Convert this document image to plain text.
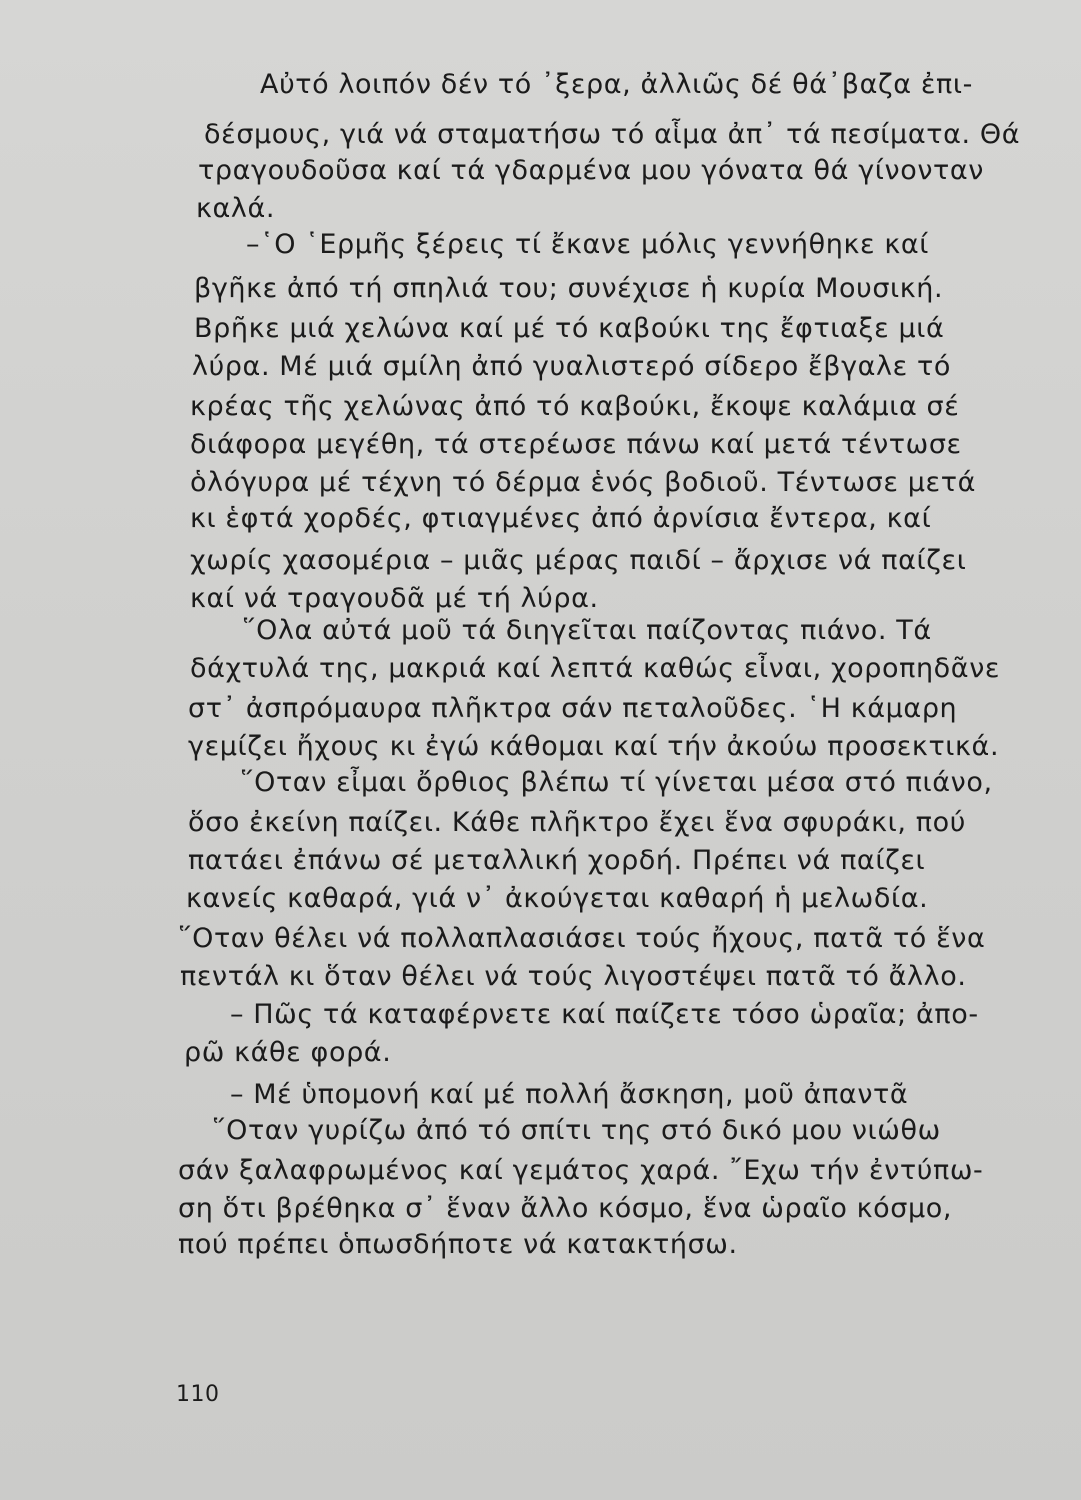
Αὐτό λοιπόν δέν τό ᾿ξερα, ἀλλιῶς δέ θά᾿βαζα ἐπι-
δέσμους, γιά νά σταματήσω τό αἷμα ἀπ᾿ τά πεσίματα. Θά
τραγουδοῦσα καί τά γδαρμένα μου γόνατα θά γίνονταν
καλά.
–῾Ο ῾Ερμῆς ξέρεις τί ἔκανε μόλις γεννήθηκε καί
βγῆκε ἀπό τή σπηλιά του; συνέχισε ἡ κυρία Μουσική.
Βρῆκε μιά χελώνα καί μέ τό καβούκι της ἔφτιαξε μιά
λύρα. Μέ μιά σμίλη ἀπό γυαλιστερό σίδερο ἔβγαλε τό
κρέας τῆς χελώνας ἀπό τό καβούκι, ἔκοψε καλάμια σέ
διάφορα μεγέθη, τά στερέωσε πάνω καί μετά τέντωσε
ὁλόγυρα μέ τέχνη τό δέρμα ἑνός βοδιοῦ. Τέντωσε μετά
κι ἑφτά χορδές, φτιαγμένες ἀπό ἀρνίσια ἔντερα, καί
χωρίς χασομέρια – μιᾶς μέρας παιδί – ἄρχισε νά παίζει
καί νά τραγουδᾶ μέ τή λύρα.
῞Ολα αὐτά μοῦ τά διηγεῖται παίζοντας πιάνο. Τά
δάχτυλά της, μακριά καί λεπτά καθώς εἶναι, χοροπηδᾶνε
στ᾿ ἀσπρόμαυρα πλῆκτρα σάν πεταλοῦδες. ῾Η κάμαρη
γεμίζει ἤχους κι ἐγώ κάθομαι καί τήν ἀκούω προσεκτικά.
῞Οταν εἶμαι ὄρθιος βλέπω τί γίνεται μέσα στό πιάνο,
ὅσο ἐκείνη παίζει. Κάθε πλῆκτρο ἔχει ἕνα σφυράκι, πού
πατάει ἐπάνω σέ μεταλλική χορδή. Πρέπει νά παίζει
κανείς καθαρά, γιά ν᾿ ἀκούγεται καθαρή ἡ μελωδία.
῞Οταν θέλει νά πολλαπλασιάσει τούς ἤχους, πατᾶ τό ἕνα
πεντάλ κι ὅταν θέλει νά τούς λιγοστέψει πατᾶ τό ἄλλο.
– Πῶς τά καταφέρνετε καί παίζετε τόσο ὡραῖα; ἀπο-
ρῶ κάθε φορά.
– Μέ ὑπομονή καί μέ πολλή ἄσκηση, μοῦ ἀπαντᾶ
῞Οταν γυρίζω ἀπό τό σπίτι της στό δικό μου νιώθω
σάν ξαλαφρωμένος καί γεμάτος χαρά. ῎Εχω τήν ἐντύπω-
ση ὅτι βρέθηκα σ᾿ ἕναν ἄλλο κόσμο, ἕνα ὡραῖο κόσμο,
πού πρέπει ὁπωσδήποτε νά κατακτήσω.
110
